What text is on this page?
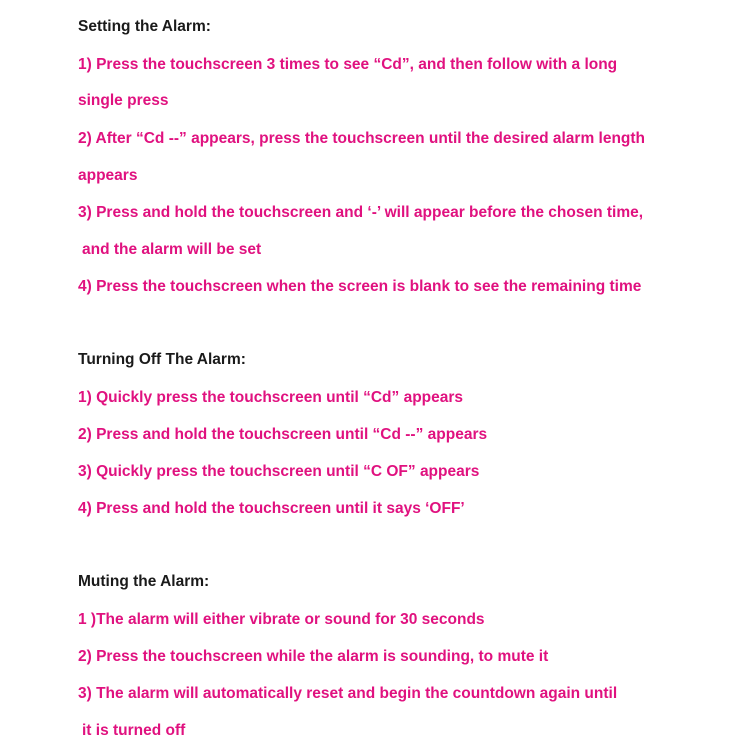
Setting the Alarm:
1) Press the touchscreen 3 times to see “Cd”, and then follow with a long
single press
2) After “Cd --” appears, press the touchscreen until the desired alarm length
appears
3) Press and hold the touchscreen and ‘-’ will appear before the chosen time,
and the alarm will be set
4) Press the touchscreen when the screen is blank to see the remaining time
Turning Off The Alarm:
1) Quickly press the touchscreen until “Cd” appears
2) Press and hold the touchscreen until “Cd --” appears
3) Quickly press the touchscreen until “C OF” appears
4) Press and hold the touchscreen until it says ‘OFF’
Muting the Alarm:
1 )The alarm will either vibrate or sound for 30 seconds
2) Press the touchscreen while the alarm is sounding, to mute it
3) The alarm will automatically reset and begin the countdown again until
it is turned off
